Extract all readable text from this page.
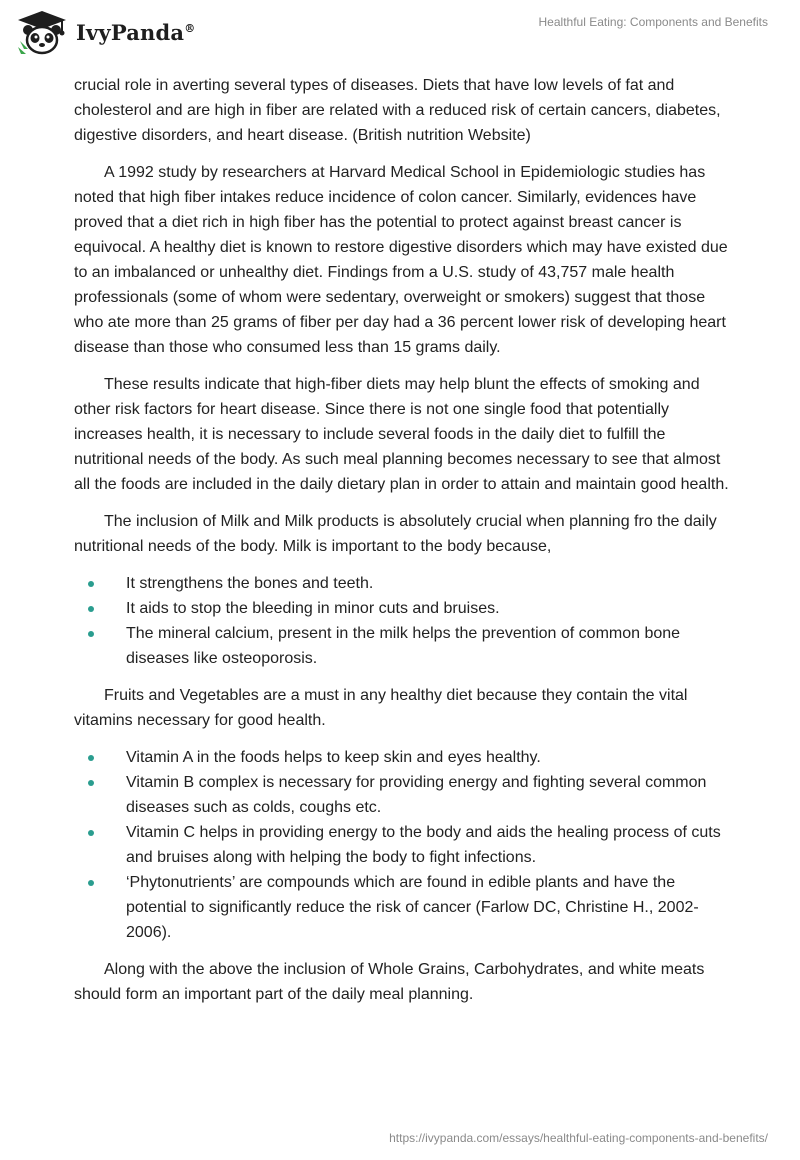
IvyPanda®	Healthful Eating: Components and Benefits

crucial role in averting several types of diseases. Diets that have low levels of fat and cholesterol and are high in fiber are related with a reduced risk of certain cancers, diabetes, digestive disorders, and heart disease. (British nutrition Website)

A 1992 study by researchers at Harvard Medical School in Epidemiologic studies has noted that high fiber intakes reduce incidence of colon cancer. Similarly, evidences have proved that a diet rich in high fiber has the potential to protect against breast cancer is equivocal. A healthy diet is known to restore digestive disorders which may have existed due to an imbalanced or unhealthy diet. Findings from a U.S. study of 43,757 male health professionals (some of whom were sedentary, overweight or smokers) suggest that those who ate more than 25 grams of fiber per day had a 36 percent lower risk of developing heart disease than those who consumed less than 15 grams daily.

These results indicate that high-fiber diets may help blunt the effects of smoking and other risk factors for heart disease. Since there is not one single food that potentially increases health, it is necessary to include several foods in the daily diet to fulfill the nutritional needs of the body. As such meal planning becomes necessary to see that almost all the foods are included in the daily dietary plan in order to attain and maintain good health.

The inclusion of Milk and Milk products is absolutely crucial when planning fro the daily nutritional needs of the body. Milk is important to the body because,

It strengthens the bones and teeth.
It aids to stop the bleeding in minor cuts and bruises.
The mineral calcium, present in the milk helps the prevention of common bone diseases like osteoporosis.

Fruits and Vegetables are a must in any healthy diet because they contain the vital vitamins necessary for good health.

Vitamin A in the foods helps to keep skin and eyes healthy.
Vitamin B complex is necessary for providing energy and fighting several common diseases such as colds, coughs etc.
Vitamin C helps in providing energy to the body and aids the healing process of cuts and bruises along with helping the body to fight infections.
‘Phytonutrients’ are compounds which are found in edible plants and have the potential to significantly reduce the risk of cancer (Farlow DC, Christine H., 2002-2006).

Along with the above the inclusion of Whole Grains, Carbohydrates, and white meats should form an important part of the daily meal planning.

https://ivypanda.com/essays/healthful-eating-components-and-benefits/
